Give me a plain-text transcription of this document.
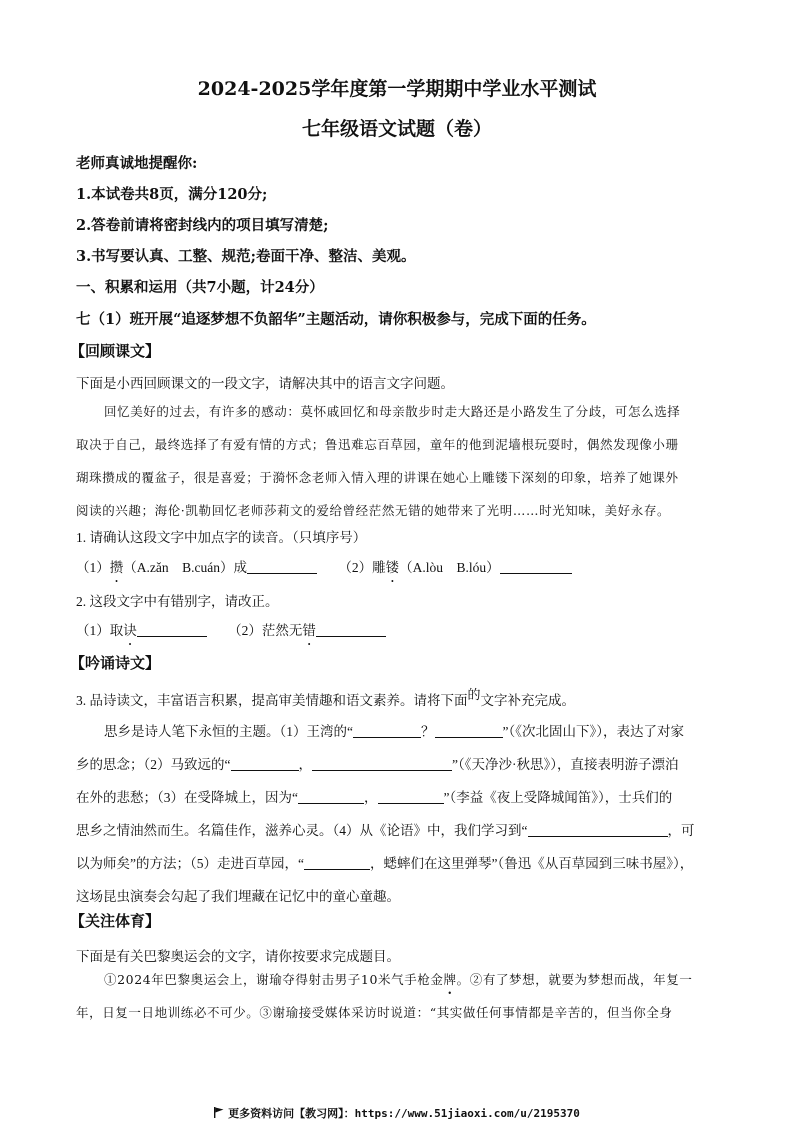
2024-2025学年度第一学期期中学业水平测试
七年级语文试题（卷）
老师真诚地提醒你:
1.本试卷共8页，满分120分;
2.答卷前请将密封线内的项目填写清楚;
3.书写要认真、工整、规范;卷面干净、整洁、美观。
一、积累和运用（共7小题，计24分）
七（1）班开展“追逐梦想不负韶华”主题活动，请你积极参与，完成下面的任务。
【回顾课文】
下面是小西回顾课文的一段文字，请解决其中的语言文字问题。
回忆美好的过去，有许多的感动：莫怀戚回忆和母亲散步时走大路还是小路发生了分歧，可怎么选择
取决于自己，最终选择了有爱有情的方式；鲁迅难忘百草园，童年的他到泥墙根玩耍时，偶然发现像小珊
瑚珠攒成的覆盆子，很是喜爱；于漪怀念老师入情入理的讲课在她心上雕镂下深刻的印象，培养了她课外
阅读的兴趣；海伦·凯勒回忆老师莎莉文的爱给曾经茫然无错的她带来了光明……时光知味，美好永存。
1. 请确认这段文字中加点字的读音。（只填序号）
（1）攒（A.zǎn　B.cuán）成	（2）雕镂（A.lòu　B.lóu）
2. 这段文字中有错别字，请改正。
（1）取诀	（2）茫然无错
【吟诵诗文】
3. 品诗读文，丰富语言积累，提高审美情趣和语文素养。请将下面的文字补充完成。
思乡是诗人笔下永恒的主题。（1）王湾的“	？	”（《次北固山下》），表达了对家
乡的思念；（2）马致远的“	，	”（《天净沙·秋思》），直接表明游子漂泊
在外的悲愁；（3）在受降城上，因为“	，	”（李益《夜上受降城闻笛》），士兵们的
思乡之情油然而生。名篇佳作，滋养心灵。（4）从《论语》中，我们学习到“	，可
以为师矣”的方法；（5）走进百草园，“	，蟋蟀们在这里弹琴”（鲁迅《从百草园到三味书屋》），
这场昆虫演奏会勾起了我们埋藏在记忆中的童心童趣。
【关注体育】
下面是有关巴黎奥运会的文字，请你按要求完成题目。
①2024年巴黎奥运会上，谢瑜夺得射击男子10米气手枪金牌。②有了梦想，就要为梦想而战，年复一
年，日复一日地训练必不可少。③谢瑜接受媒体采访时说道：“其实做任何事情都是辛苦的，但当你全身
更多资料访问【教习网】：https://www.51jiaoxi.com/u/2195370
